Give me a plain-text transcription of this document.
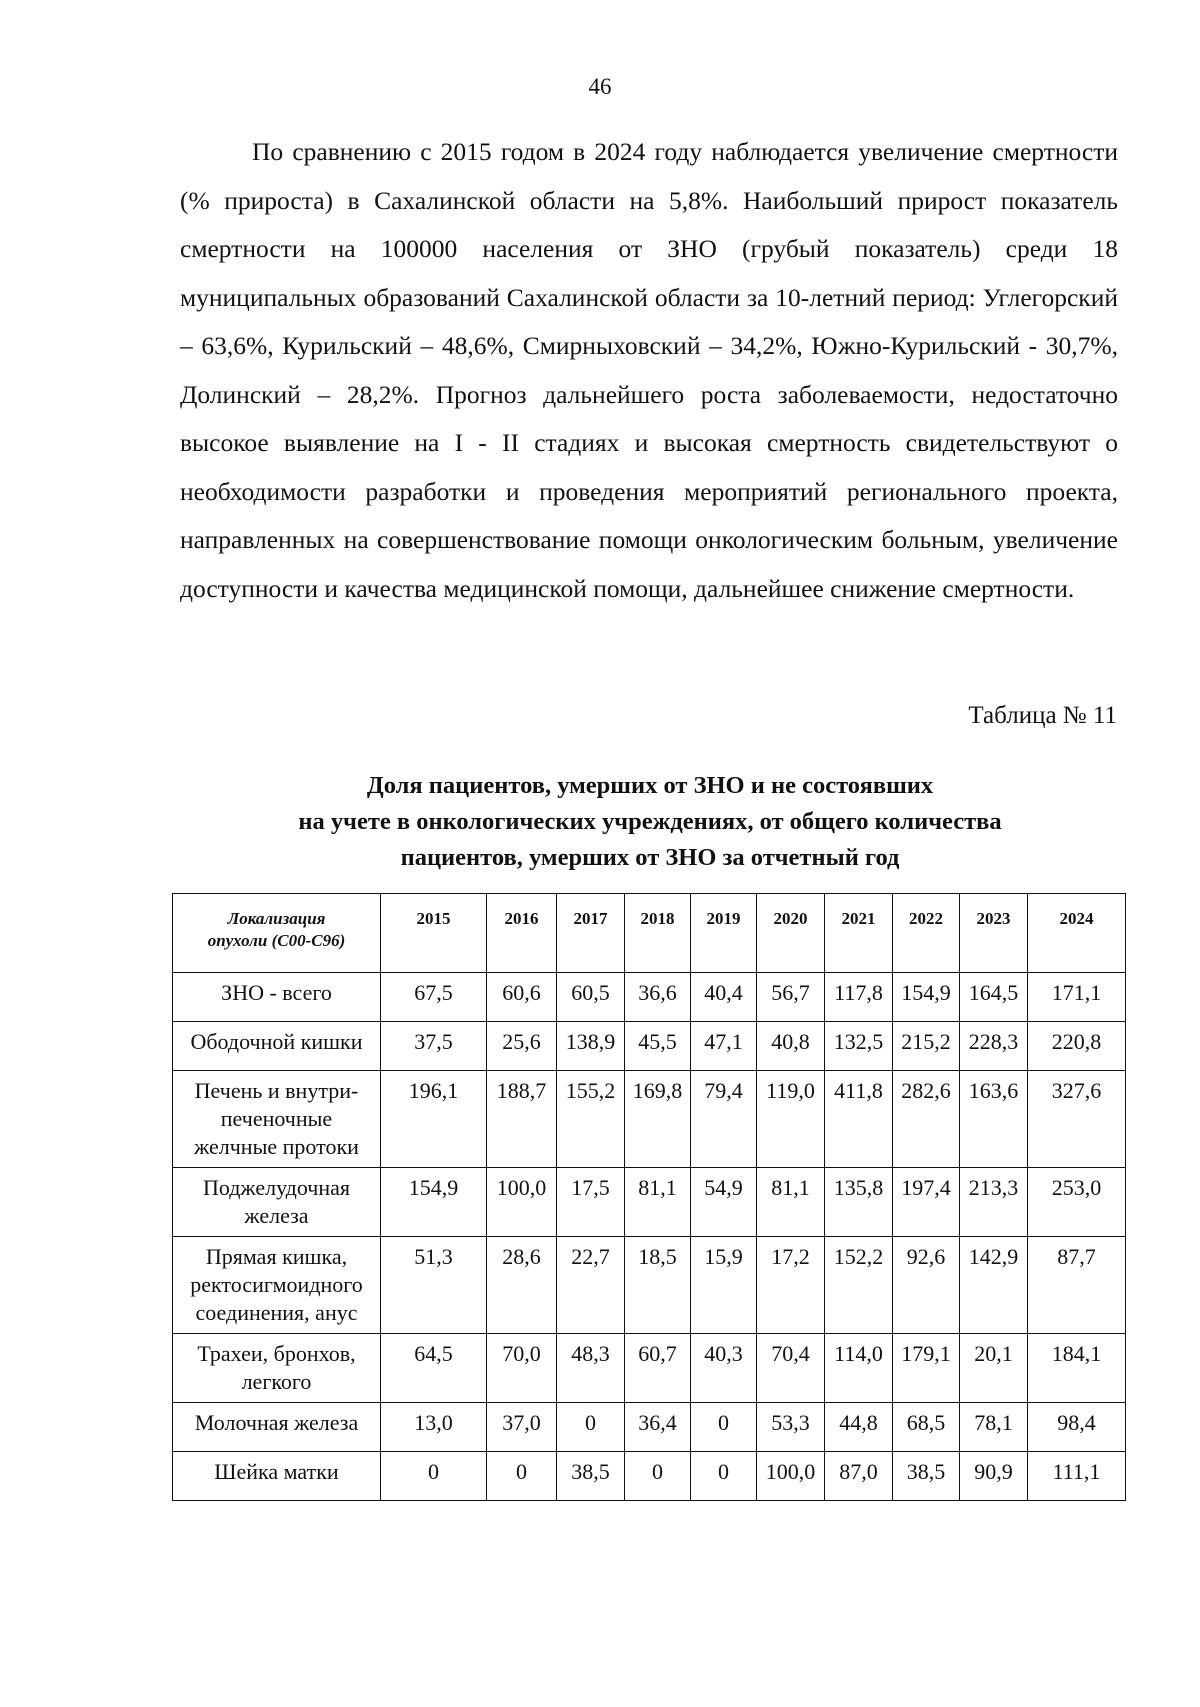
46

По сравнению с 2015 годом в 2024 году наблюдается увеличение смертности (% прироста) в Сахалинской области на 5,8%. Наибольший прирост показатель смертности на 100000 населения от ЗНО (грубый показатель) среди 18 муниципальных образований Сахалинской области за 10-летний период: Углегорский – 63,6%, Курильский – 48,6%, Смирныховский – 34,2%, Южно-Курильский - 30,7%, Долинский – 28,2%. Прогноз дальнейшего роста заболеваемости, недостаточно высокое выявление на I - II стадиях и высокая смертность свидетельствуют о необходимости разработки и проведения мероприятий регионального проекта, направленных на совершенствование помощи онкологическим больным, увеличение доступности и качества медицинской помощи, дальнейшее снижение смертности.

Таблица № 11
Доля пациентов, умерших от ЗНО и не состоявших
на учете в онкологических учреждениях, от общего количества
пациентов, умерших от ЗНО за отчетный год
Локализация
опухоли (С00-С96)	2015	2016	2017	2018	2019	2020	2021	2022	2023	2024

ЗНО - всего	67,5	60,6	60,5	36,6	40,4	56,7	117,8	154,9	164,5	171,1

Ободочной кишки	37,5	25,6	138,9	45,5	47,1	40,8	132,5	215,2	228,3	220,8

Печень и внутри-
печеночные
желчные протоки	196,1	188,7	155,2	169,8	79,4	119,0	411,8	282,6	163,6	327,6

Поджелудочная
железа	154,9	100,0	17,5	81,1	54,9	81,1	135,8	197,4	213,3	253,0

Прямая кишка,
ректосигмоидного
соединения, анус	51,3	28,6	22,7	18,5	15,9	17,2	152,2	92,6	142,9	87,7

Трахеи, бронхов,
легкого	64,5	70,0	48,3	60,7	40,3	70,4	114,0	179,1	20,1	184,1

Молочная железа	13,0	37,0	0	36,4	0	53,3	44,8	68,5	78,1	98,4

Шейка матки	0	0	38,5	0	0	100,0	87,0	38,5	90,9	111,1
